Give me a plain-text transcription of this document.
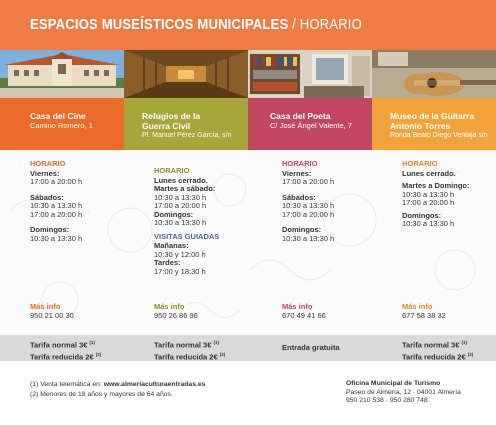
ESPACIOS MUSEÍSTICOS MUNICIPALES / HORARIO
Casa del Cine
Camino Romero, 1
Refugios de la
Guerra Civil
Pl. Manuel Pérez García, s/n
Casa del Poeta
C/ José Ángel Valente, 7
Museo de la Guitarra
Antonio Torres
Ronda Beato Diego Ventaja s/n
HORARIO
Viernes:
17:00 a 20:00 h
Sábados:
10:30 a 13:30 h
17:00 a 20:00 h
Domingos:
10:30 a 13:30 h
HORARIO
Lunes cerrado.
Martes a sábado:
10:30 a 13:30 h
17:00 a 20:00 h
Domingos:
10:30 a 13:30 h
VISITAS GUIADAS
Mañanas:
10:30 y 12:00 h
Tardes:
17:00 y 18:30 h
HORARIO
Viernes:
17:00 a 20:00 h
Sábados:
10:30 a 13:30 h
17:00 a 20:00 h
Domingos:
10:30 a 13:30 h
HORARIO
Lunes cerrado.
Martes a Domingo:
10:30 a 13:30 h
17:00 a 20:00 h
Domingos:
10:30 a 13:30 h
Más info
950 21 00 30
Más info
950 26 86 96
Más info
670 49 41 66
Más info
677 58 38 32
Tarifa normal 3€ $^{(1)}$
Tarifa reducida 2€ $^{(2)}$
Tarifa normal 3€ $^{(1)}$
Tarifa reducida 2€ $^{(2)}$
Entrada gratuita	Tarifa normal 3€ $^{(1)}$
Tarifa reducida 2€ $^{(2)}$
(1) Venta telemática en: www.almeriaculturaentradas.es
(2) Menores de 18 años y mayores de 64 años.
Oficina Municipal de Turismo
Paseo de Almería, 12 · 04001 Almería
950 210 538 · 950 280 748
